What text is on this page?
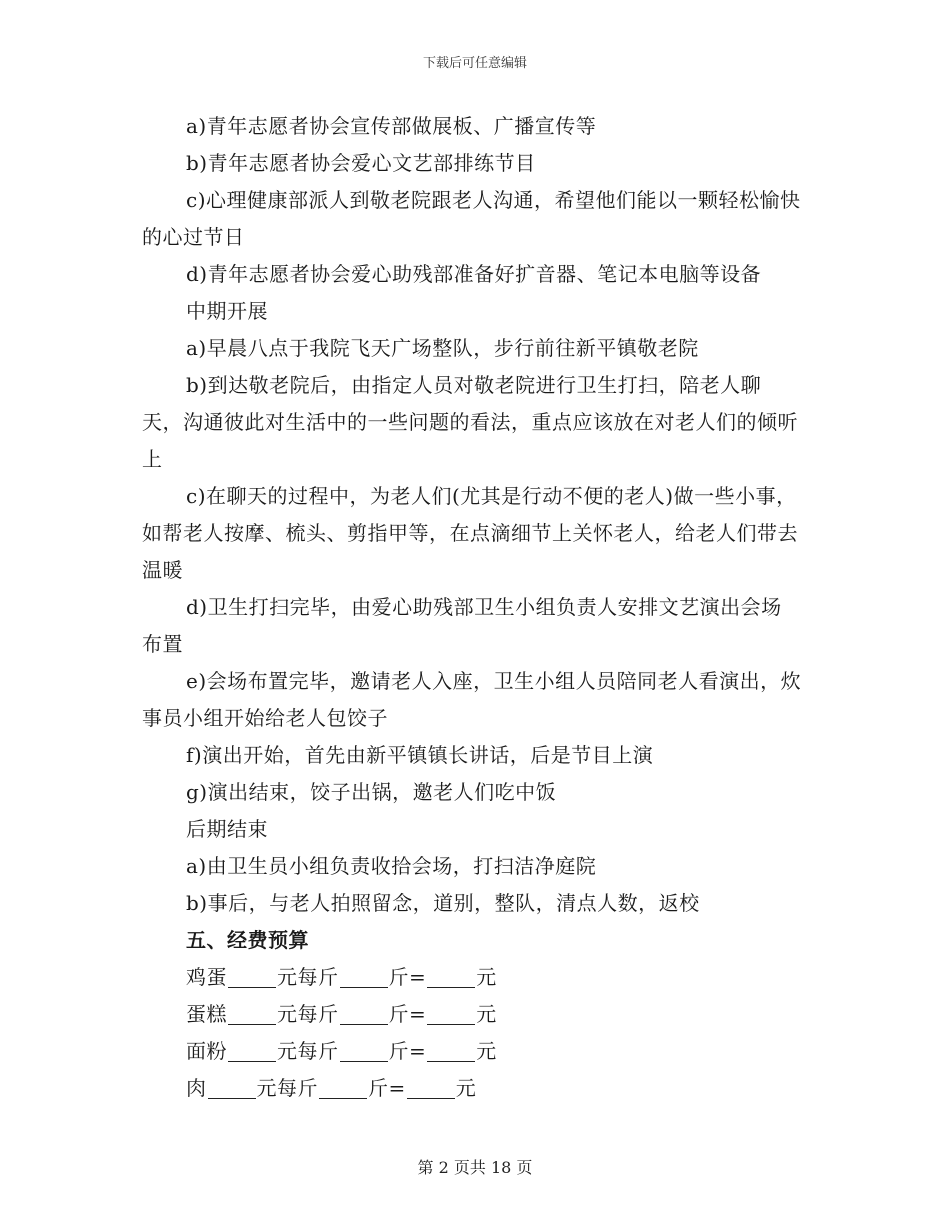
下载后可任意编辑

a)青年志愿者协会宣传部做展板、广播宣传等

b)青年志愿者协会爱心文艺部排练节目

c)心理健康部派人到敬老院跟老人沟通，希望他们能以一颗轻松愉快的心过节日

d)青年志愿者协会爱心助残部准备好扩音器、笔记本电脑等设备

中期开展

a)早晨八点于我院飞天广场整队，步行前往新平镇敬老院

b)到达敬老院后，由指定人员对敬老院进行卫生打扫，陪老人聊天，沟通彼此对生活中的一些问题的看法，重点应该放在对老人们的倾听上

c)在聊天的过程中，为老人们(尤其是行动不便的老人)做一些小事，如帮老人按摩、梳头、剪指甲等，在点滴细节上关怀老人，给老人们带去温暖

d)卫生打扫完毕，由爱心助残部卫生小组负责人安排文艺演出会场布置

e)会场布置完毕，邀请老人入座，卫生小组人员陪同老人看演出，炊事员小组开始给老人包饺子

f)演出开始，首先由新平镇镇长讲话，后是节目上演

g)演出结束，饺子出锅，邀老人们吃中饭

后期结束

a)由卫生员小组负责收拾会场，打扫洁净庭院

b)事后，与老人拍照留念，道别，整队，清点人数，返校

五、经费预算

鸡蛋	元每斤	斤=	元

蛋糕	元每斤	斤=	元

面粉	元每斤	斤=	元

肉	元每斤	斤=	元

第 2 页共 18 页
